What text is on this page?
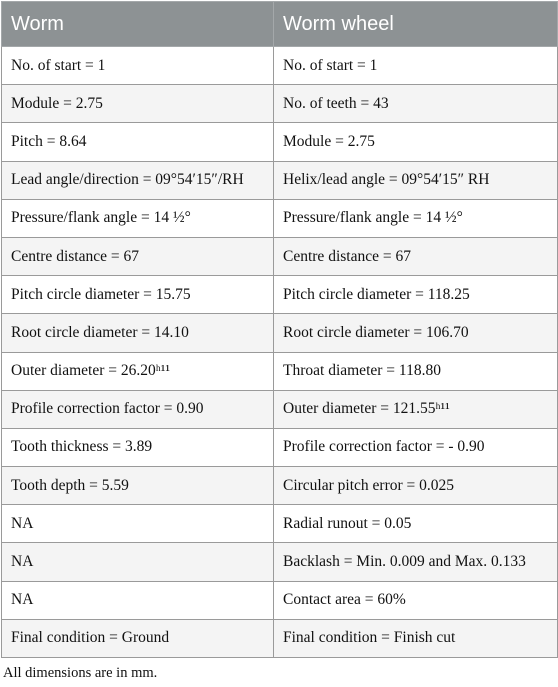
Worm	Worm wheel
No. of start = 1	No. of start = 1
Module = 2.75	No. of teeth = 43
Pitch = 8.64	Module = 2.75
Lead angle/direction = 09°54′15″/RH	Helix/lead angle = 09°54′15″ RH
Pressure/flank angle = 14 ½°	Pressure/flank angle = 14 ½°
Centre distance = 67	Centre distance = 67
Pitch circle diameter = 15.75	Pitch circle diameter = 118.25
Root circle diameter = 14.10	Root circle diameter = 106.70
Outer diameter = 26.20ʰ¹¹	Throat diameter = 118.80
Profile correction factor = 0.90	Outer diameter = 121.55ʰ¹¹
Tooth thickness = 3.89	Profile correction factor = - 0.90
Tooth depth = 5.59	Circular pitch error = 0.025
NA	Radial runout = 0.05
NA	Backlash = Min. 0.009 and Max. 0.133
NA	Contact area = 60%
Final condition = Ground	Final condition = Finish cut
All dimensions are in mm.
